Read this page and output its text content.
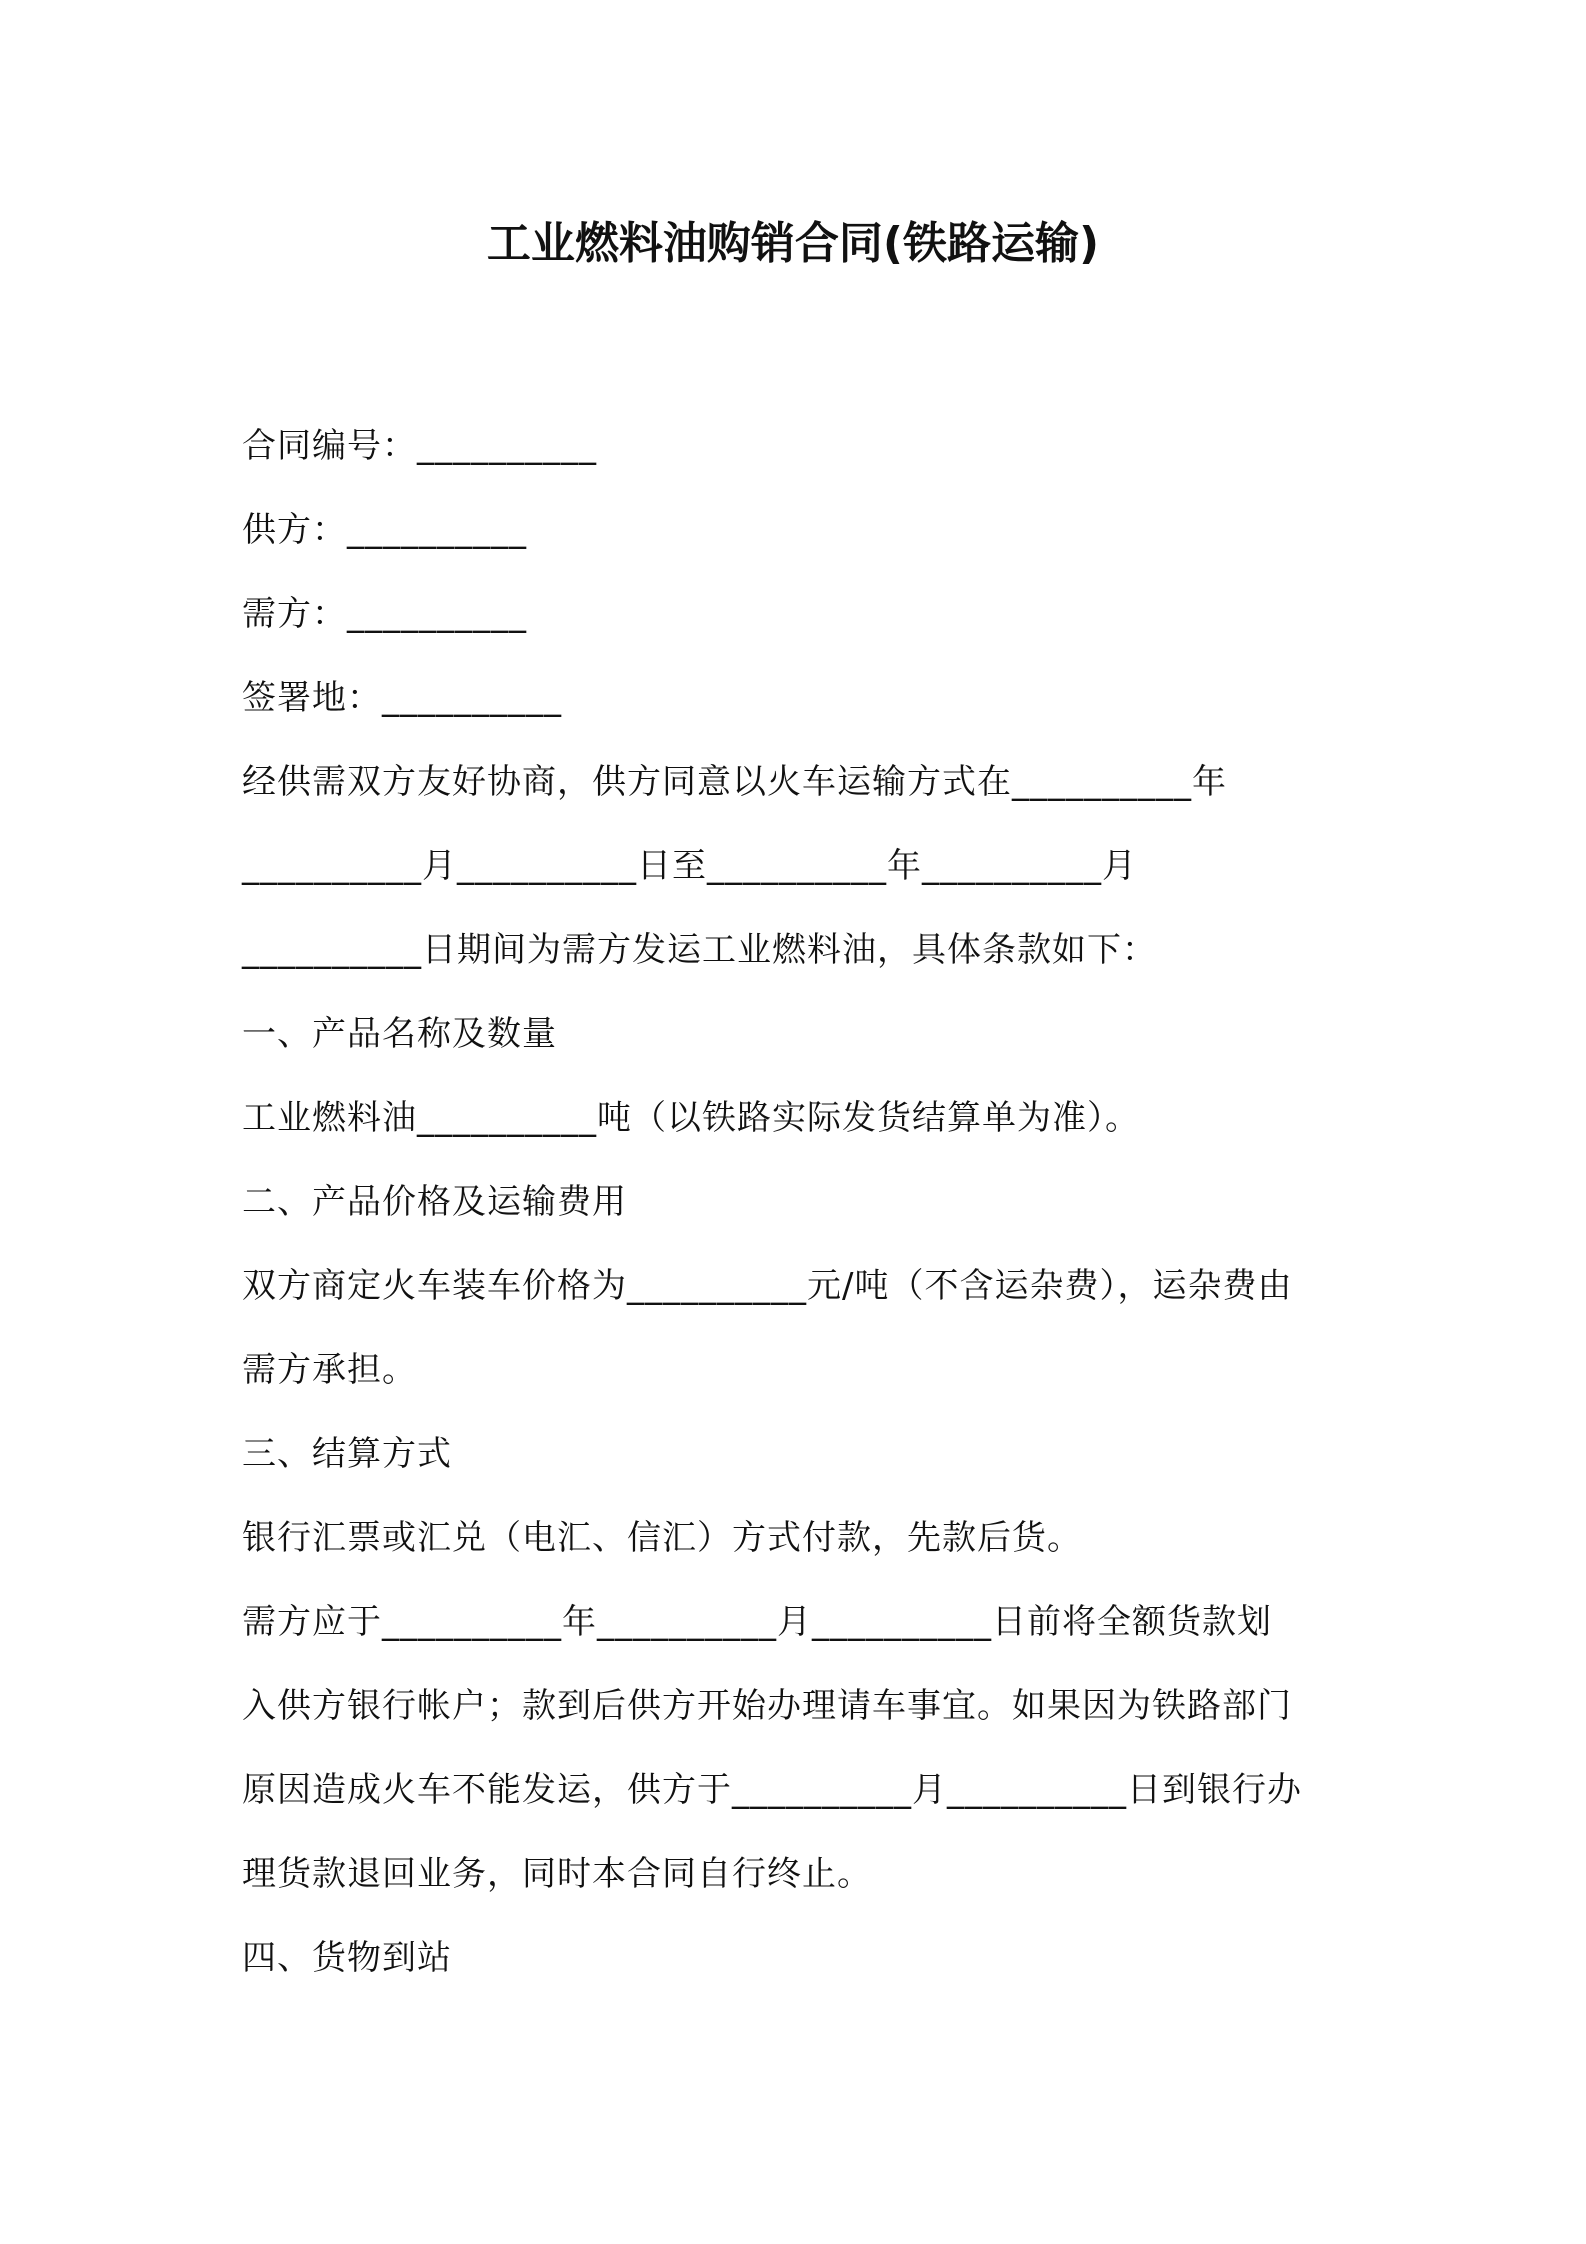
工业燃料油购销合同(铁路运输)
合同编号：__________
供方：__________
需方：__________
签署地：__________
经供需双方友好协商，供方同意以火车运输方式在__________年
__________月__________日至__________年__________月
__________日期间为需方发运工业燃料油，具体条款如下：
一、产品名称及数量
工业燃料油__________吨（以铁路实际发货结算单为准）。
二、产品价格及运输费用
双方商定火车装车价格为__________元/吨（不含运杂费），运杂费由
需方承担。
三、结算方式
银行汇票或汇兑（电汇、信汇）方式付款，先款后货。
需方应于__________年__________月__________日前将全额货款划
入供方银行帐户；款到后供方开始办理请车事宜。如果因为铁路部门
原因造成火车不能发运，供方于__________月__________日到银行办
理货款退回业务，同时本合同自行终止。
四、货物到站
